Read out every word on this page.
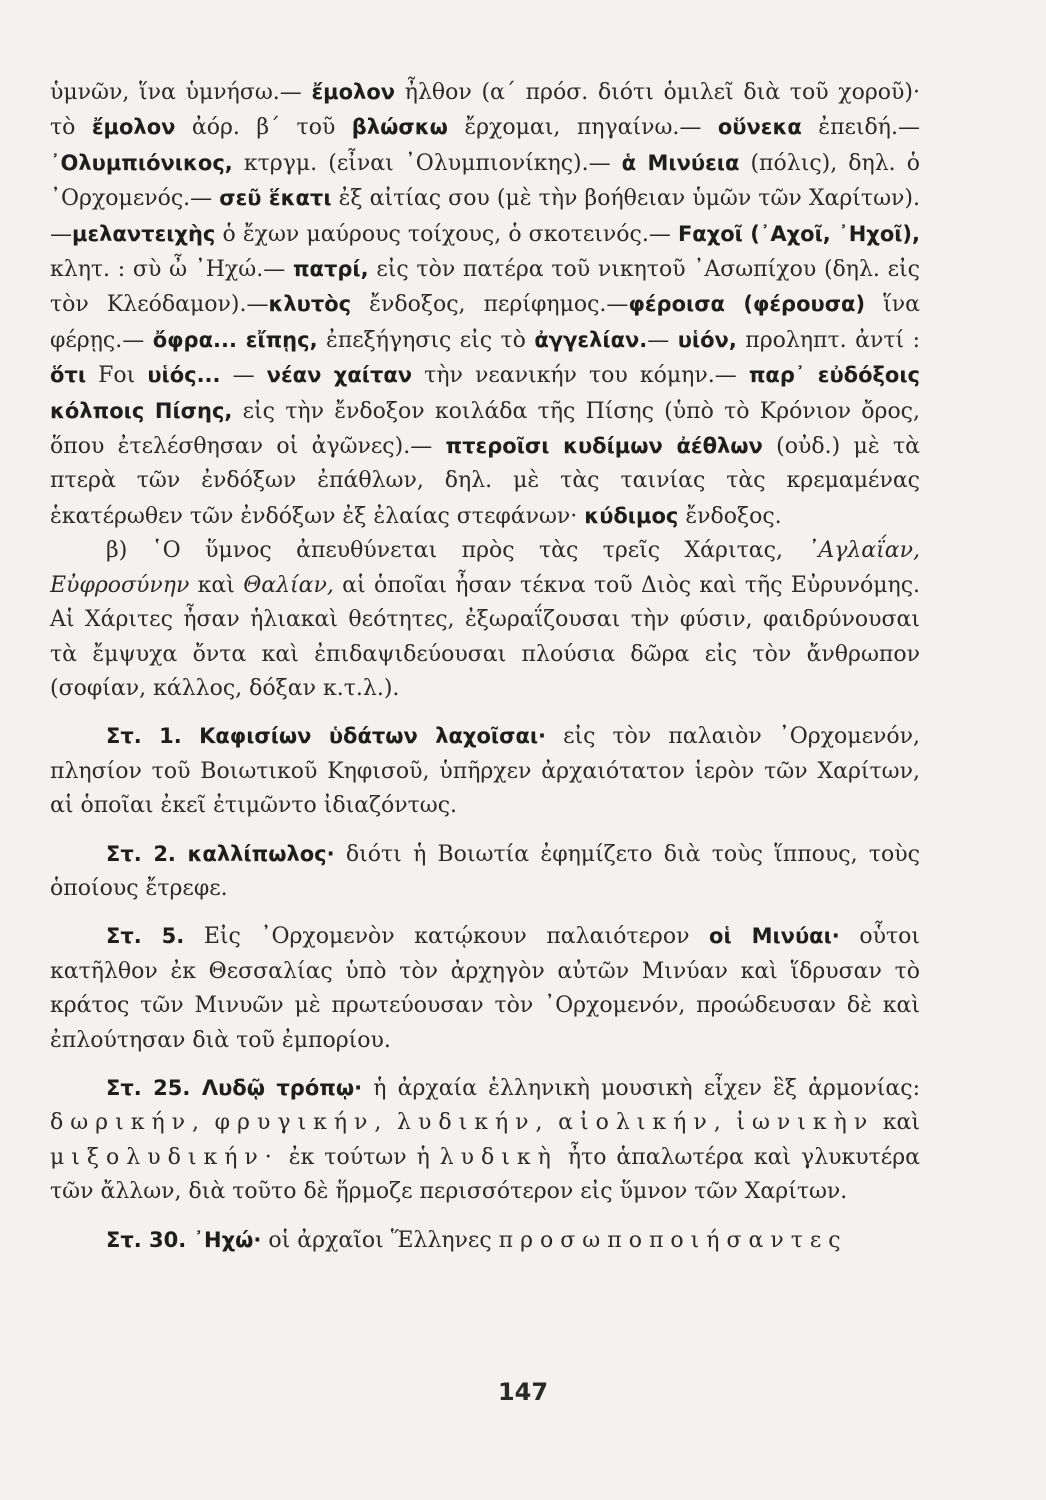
ὑμνῶν, ἵνα ὑμνήσω.— ἔμολον ἦλθον (α΄ πρόσ. διότι ὁμιλεῖ διὰ τοῦ χοροῦ)· τὸ ἔμολον ἀόρ. β΄ τοῦ βλώσκω ἔρχομαι, πηγαίνω.— οὕνεκα ἐπειδή.—᾿Ολυμπιόνικος, κτργμ. (εἶναι ᾿Ολυμπιονίκης).— ἁ Μινύεια (πόλις), δηλ. ὁ ᾿Ορχομενός.— σεῦ ἕκατι ἐξ αἰτίας σου (μὲ τὴν βοήθειαν ὑμῶν τῶν Χαρίτων).—μελαντειχὴς ὁ ἔχων μαύρους τοίχους, ὁ σκοτεινός.— Fαχοῖ (᾿Αχοῖ, ᾿Ηχοῖ), κλητ. : σὺ ὦ ᾿Ηχώ.— πατρί, εἰς τὸν πατέρα τοῦ νικητοῦ ᾿Ασωπίχου (δηλ. εἰς τὸν Κλεόδαμον).—κλυτὸς ἔνδοξος, περίφημος.—φέροισα (φέρουσα) ἵνα φέρῃς.— ὄφρα... εἴπῃς, ἐπεξήγησις εἰς τὸ ἀγγελίαν.— υἱόν, προληπτ. ἀντί : ὅτι Fοι υἱός... — νέαν χαίταν τὴν νεανικήν του κόμην.— παρ᾿ εὐδόξοις κόλποις Πίσης, εἰς τὴν ἔνδοξον κοιλάδα τῆς Πίσης (ὑπὸ τὸ Κρόνιον ὄρος, ὅπου ἐτελέσθησαν οἱ ἀγῶνες).— πτεροῖσι κυδίμων ἀέθλων (οὐδ.) μὲ τὰ πτερὰ τῶν ἐνδόξων ἐπάθλων, δηλ. μὲ τὰς ταινίας τὰς κρεμαμένας ἑκατέρωθεν τῶν ἐνδόξων ἐξ ἐλαίας στεφάνων· κύδιμος ἔνδοξος.

β) ῾Ο ὕμνος ἀπευθύνεται πρὸς τὰς τρεῖς Χάριτας, ᾿Αγλαΐαν, Εὐφροσύνην καὶ Θαλίαν, αἱ ὁποῖαι ἦσαν τέκνα τοῦ Διὸς καὶ τῆς Εὐρυνόμης. Αἱ Χάριτες ἦσαν ἡλιακαὶ θεότητες, ἐξωραΐζουσαι τὴν φύσιν, φαιδρύνουσαι τὰ ἔμψυχα ὄντα καὶ ἐπιδαψιδεύουσαι πλούσια δῶρα εἰς τὸν ἄνθρωπον (σοφίαν, κάλλος, δόξαν κ.τ.λ.).

Στ. 1. Καφισίων ὑδάτων λαχοῖσαι· εἰς τὸν παλαιὸν ᾿Ορχομενόν, πλησίον τοῦ Βοιωτικοῦ Κηφισοῦ, ὑπῆρχεν ἀρχαιότατον ἱερὸν τῶν Χαρίτων, αἱ ὁποῖαι ἐκεῖ ἐτιμῶντο ἰδιαζόντως.

Στ. 2. καλλίπωλος· διότι ἡ Βοιωτία ἐφημίζετο διὰ τοὺς ἵππους, τοὺς ὁποίους ἔτρεφε.

Στ. 5. Εἰς ᾿Ορχομενὸν κατῴκουν παλαιότερον οἱ Μινύαι· οὗτοι κατῆλθον ἐκ Θεσσαλίας ὑπὸ τὸν ἀρχηγὸν αὐτῶν Μινύαν καὶ ἵδρυσαν τὸ κράτος τῶν Μινυῶν μὲ πρωτεύουσαν τὸν ᾿Ορχομενόν, προώδευσαν δὲ καὶ ἐπλούτησαν διὰ τοῦ ἐμπορίου.

Στ. 25. Λυδῷ τρόπῳ· ἡ ἀρχαία ἑλληνικὴ μουσικὴ εἶχεν ἓξ ἁρμονίας: δωρικήν, φρυγικήν, λυδικήν, αἰολικήν, ἰωνικὴν καὶ μιξολυδικήν· ἐκ τούτων ἡ λυδικὴ ἦτο ἁπαλωτέρα καὶ γλυκυτέρα τῶν ἄλλων, διὰ τοῦτο δὲ ἥρμοζε περισσότερον εἰς ὕμνον τῶν Χαρίτων.

Στ. 30. ᾿Ηχώ· οἱ ἀρχαῖοι Ἕλληνες προσωποποιήσαντες

147
